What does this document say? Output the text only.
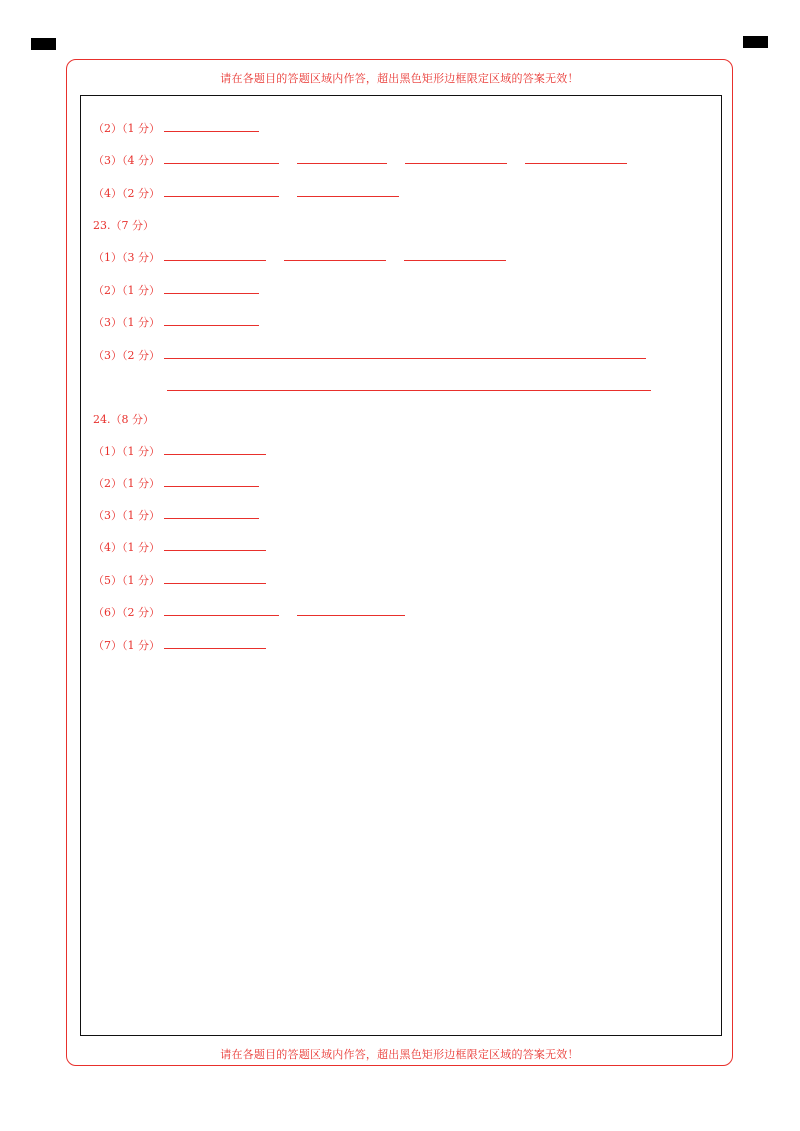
请在各题目的答题区域内作答，超出黑色矩形边框限定区域的答案无效！
（2）（1 分）
（3）（4 分）
（4）（2 分）
23.（7 分）
（1）（3 分）
（2）（1 分）
（3）（1 分）
（3）（2 分）
24.（8 分）
（1）（1 分）
（2）（1 分）
（3）（1 分）
（4）（1 分）
（5）（1 分）
（6）（2 分）
（7）（1 分）
请在各题目的答题区域内作答，超出黑色矩形边框限定区域的答案无效！
